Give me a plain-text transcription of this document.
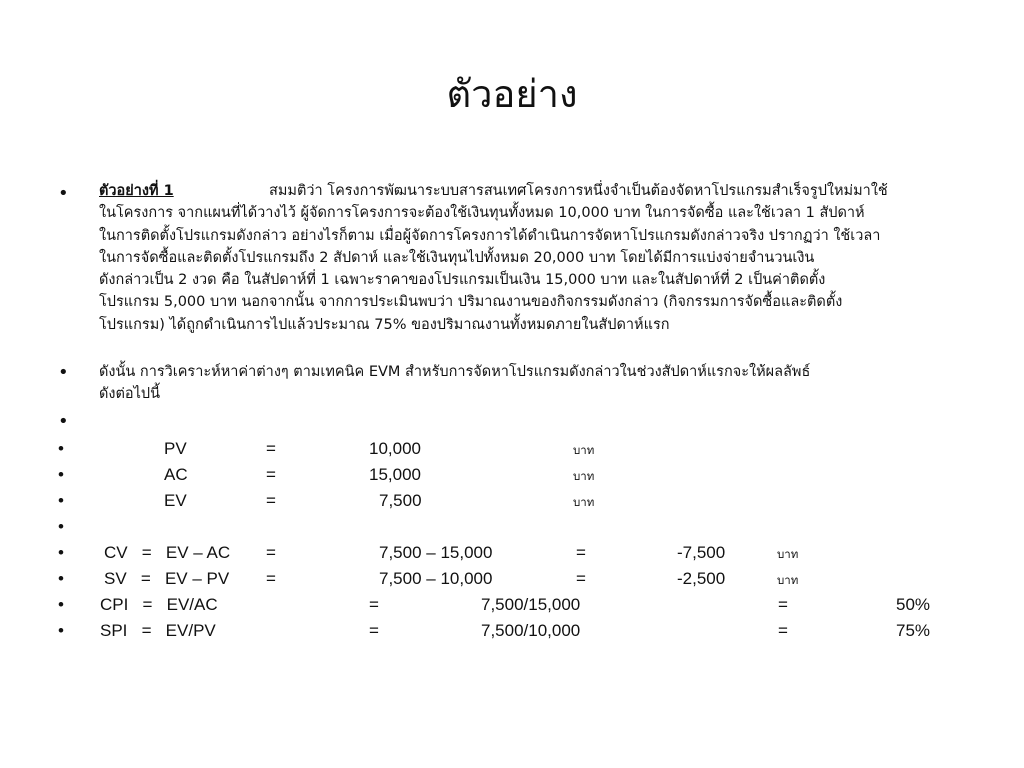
ตัวอย่าง
• ตัวอย่างที่ 1	สมมติว่า โครงการพัฒนาระบบสารสนเทศโครงการหนึ่งจำเป็นต้องจัดหาโปรแกรมสำเร็จรูปใหม่มาใช้
ในโครงการ จากแผนที่ได้วางไว้ ผู้จัดการโครงการจะต้องใช้เงินทุนทั้งหมด 10,000 บาท ในการจัดซื้อ และใช้เวลา 1 สัปดาห์
ในการติดตั้งโปรแกรมดังกล่าว อย่างไรก็ตาม เมื่อผู้จัดการโครงการได้ดำเนินการจัดหาโปรแกรมดังกล่าวจริง ปรากฏว่า ใช้เวลา
ในการจัดซื้อและติดตั้งโปรแกรมถึง 2 สัปดาห์ และใช้เงินทุนไปทั้งหมด 20,000 บาท โดยได้มีการแบ่งจ่ายจำนวนเงิน
ดังกล่าวเป็น 2 งวด คือ ในสัปดาห์ที่ 1 เฉพาะราคาของโปรแกรมเป็นเงิน 15,000 บาท และในสัปดาห์ที่ 2 เป็นค่าติดตั้ง
โปรแกรม 5,000 บาท นอกจากนั้น จากการประเมินพบว่า ปริมาณงานของกิจกรรมดังกล่าว (กิจกรรมการจัดซื้อและติดตั้ง
โปรแกรม) ได้ถูกดำเนินการไปแล้วประมาณ 75% ของปริมาณงานทั้งหมดภายในสัปดาห์แรก
• ดังนั้น การวิเคราะห์หาค่าต่างๆ ตามเทคนิค EVM สำหรับการจัดหาโปรแกรมดังกล่าวในช่วงสัปดาห์แรกจะให้ผลลัพธ์
ดังต่อไปนี้
•
•	PV	=	10,000	บาท
•	AC	=	15,000	บาท
•	EV	=	7,500	บาท
•
• CV   =   EV – AC =	7,500 – 15,000	=	-7,500	บาท
• SV   =   EV – PV =	7,500 – 10,000	=	-2,500	บาท
• CPI   =   EV/AC	=	7,500/15,000	=	50%
• SPI   =   EV/PV	=	7,500/10,000	=	75%
